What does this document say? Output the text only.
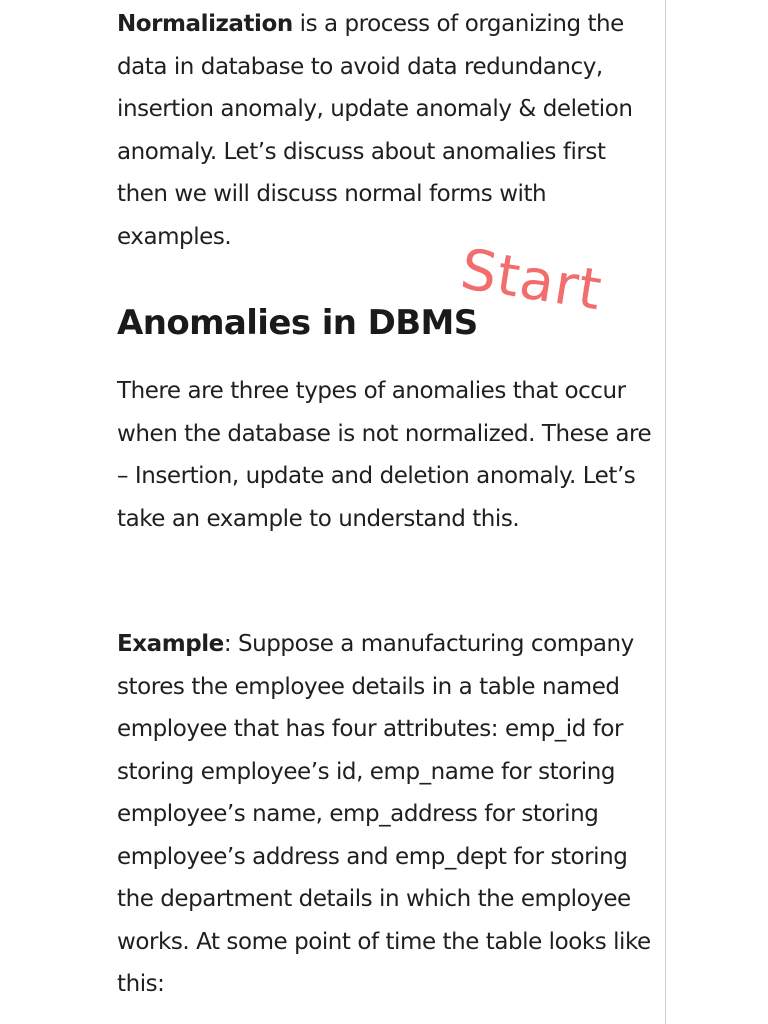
Normalization is a process of organizing the data in database to avoid data redundancy, insertion anomaly, update anomaly & deletion anomaly. Let’s discuss about anomalies first then we will discuss normal forms with examples.

Anomalies in DBMS

There are three types of anomalies that occur when the database is not normalized. These are – Insertion, update and deletion anomaly. Let’s take an example to understand this.

Example: Suppose a manufacturing company stores the employee details in a table named employee that has four attributes: emp_id for storing employee’s id, emp_name for storing employee’s name, emp_address for storing employee’s address and emp_dept for storing the department details in which the employee works. At some point of time the table looks like this:

Start
